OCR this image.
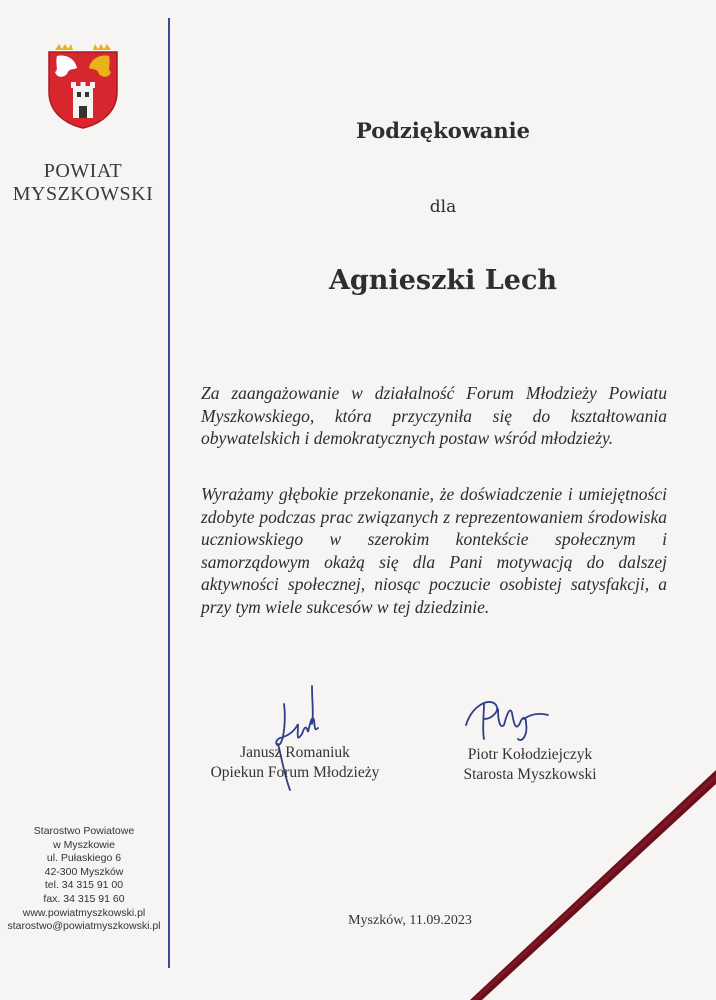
POWIAT
MYSZKOWSKI
Podziękowanie
dla
Agnieszki Lech
Za zaangażowanie w działalność Forum Młodzieży Powiatu Myszkowskiego, która przyczyniła się do kształtowania obywatelskich i demokratycznych postaw wśród młodzieży.
Wyrażamy głębokie przekonanie, że doświadczenie i umiejętności zdobyte podczas prac związanych z reprezentowaniem środowiska uczniowskiego w szerokim kontekście społecznym i samorządowym okażą się dla Pani motywacją do dalszej aktywności społecznej, niosąc poczucie osobistej satysfakcji, a przy tym wiele sukcesów w tej dziedzinie.
Janusz Romaniuk
Opiekun Forum Młodzieży
Piotr Kołodziejczyk
Starosta Myszkowski
Starostwo Powiatowe
w Myszkowie
ul. Pułaskiego 6
42-300 Myszków
tel. 34 315 91 00
fax. 34 315 91 60
www.powiatmyszkowski.pl
starostwo@powiatmyszkowski.pl	Myszków, 11.09.2023
